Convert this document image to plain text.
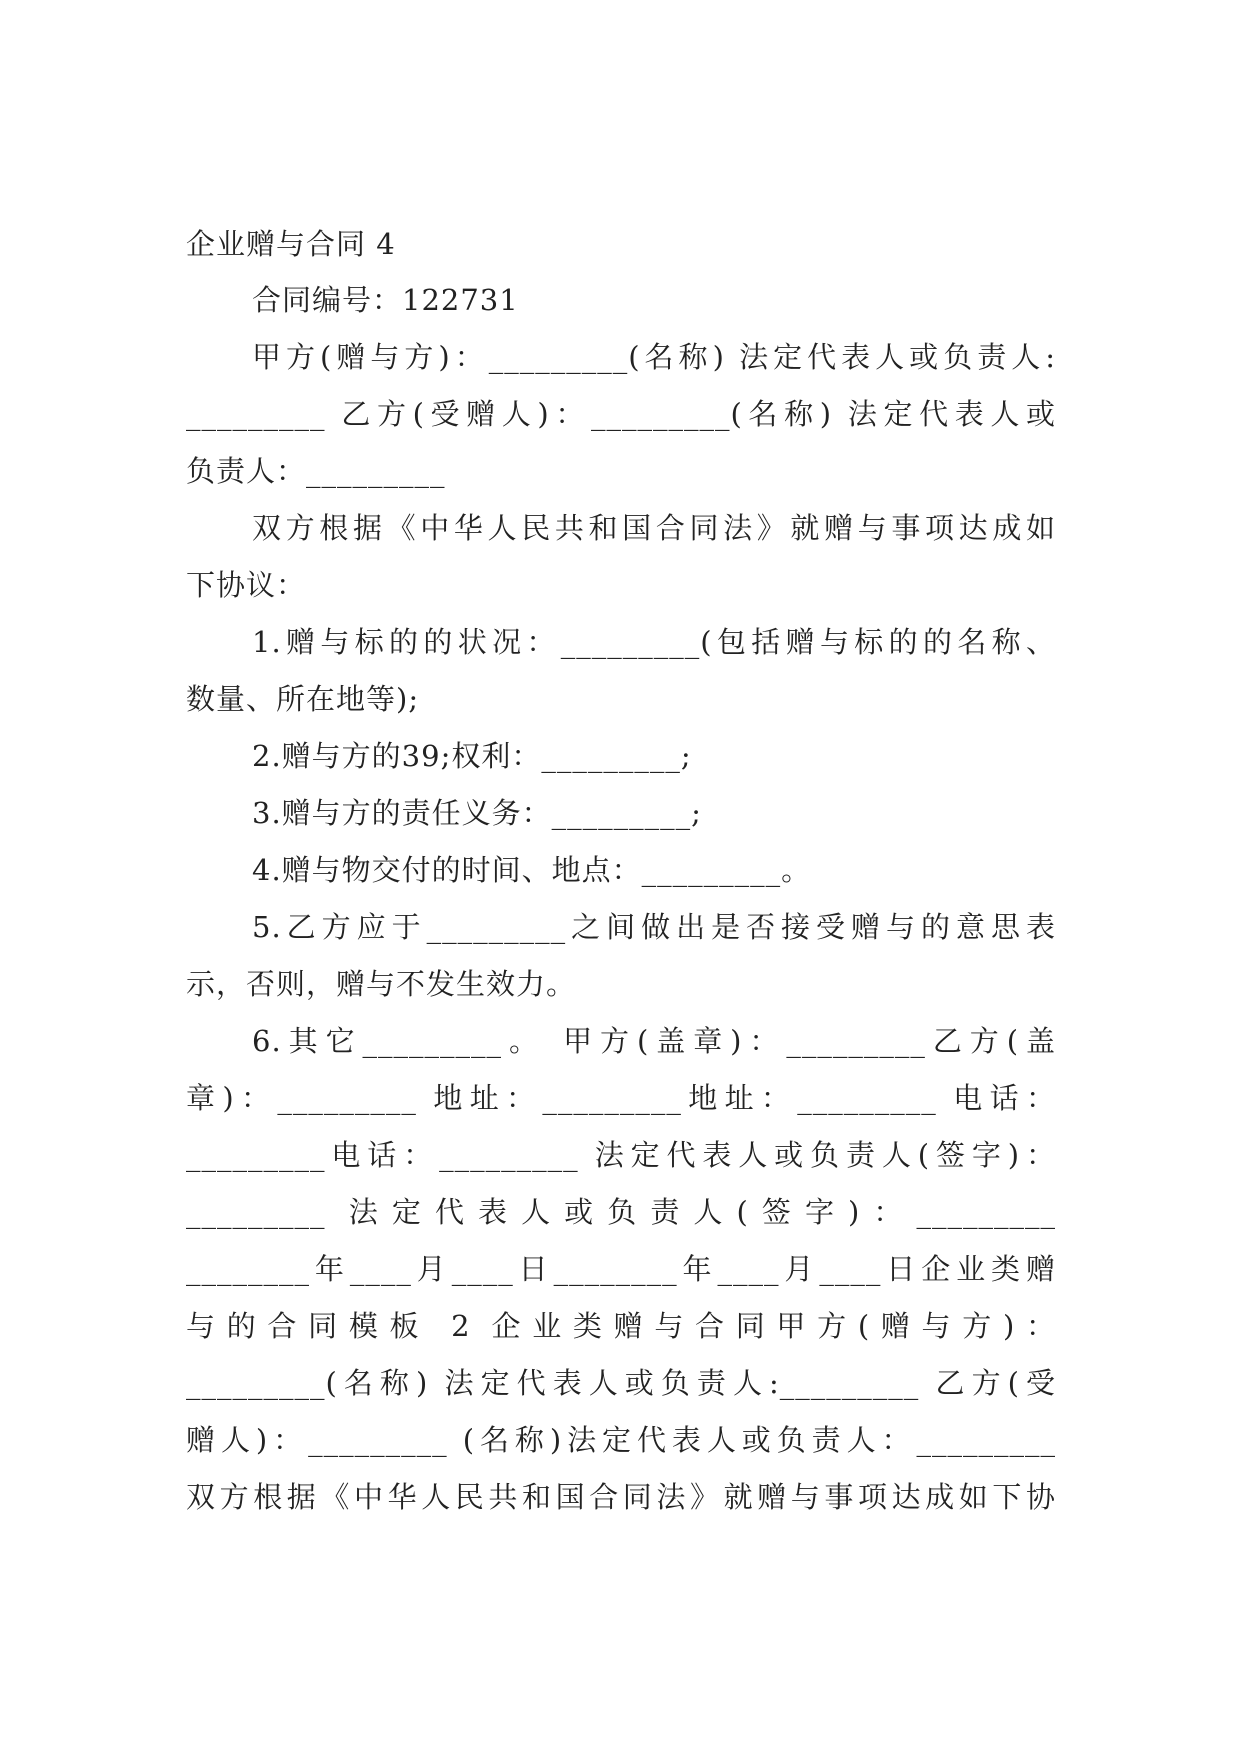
企业赠与合同 4
合同编号：122731
甲方(赠与方)：_________(名称) 法定代表人或负责人:
_________ 乙方(受赠人)：_________(名称) 法定代表人或
负责人：_________
双方根据《中华人民共和国合同法》就赠与事项达成如
下协议：
1.赠与标的的状况：_________(包括赠与标的的名称、
数量、所在地等);
2.赠与方的39;权利：_________;
3.赠与方的责任义务：_________;
4.赠与物交付的时间、地点：_________。
5.乙方应于_________之间做出是否接受赠与的意思表
示，否则，赠与不发生效力。
6.其它_________。 甲方(盖章)：_________乙方(盖
章)：_________ 地址：_________地址：_________ 电话：
_________电话：_________ 法定代表人或负责人(签字)：
_________ 法定代表人或负责人(签字)：_________
________年____月____日________年____月____日企业类赠
与的合同模板 2 企业类赠与合同甲方(赠与方)：
_________(名称) 法定代表人或负责人:_________ 乙方(受
赠人)：_________ (名称)法定代表人或负责人：_________
双方根据《中华人民共和国合同法》就赠与事项达成如下协
